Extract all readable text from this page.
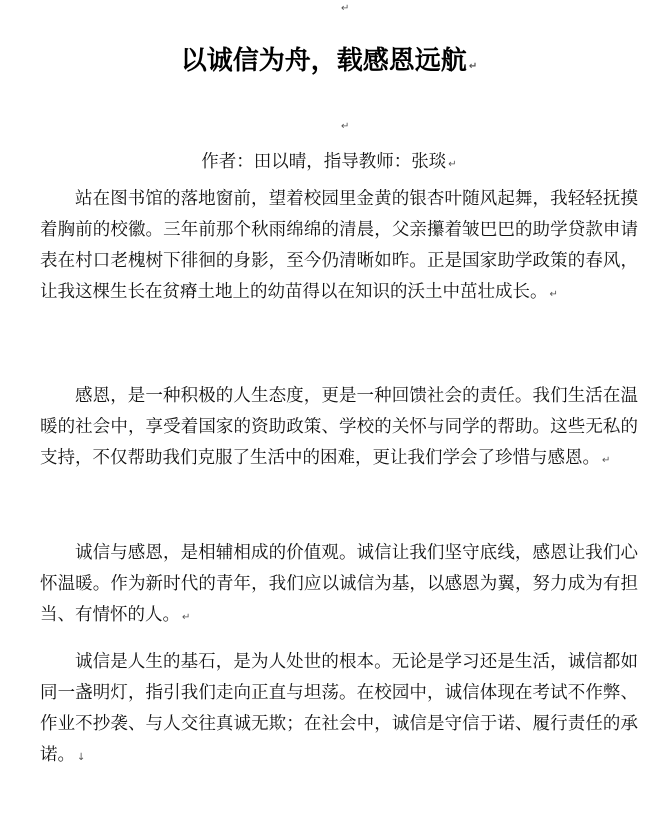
↵
以诚信为舟，载感恩远航 ↵
↵
作者：田以晴，指导教师：张琰 ↵

站在图书馆的落地窗前，望着校园里金黄的银杏叶随风起舞，我轻轻抚摸着胸前的校徽。三年前那个秋雨绵绵的清晨，父亲攥着皱巴巴的助学贷款申请表在村口老槐树下徘徊的身影，至今仍清晰如昨。正是国家助学政策的春风，让我这棵生长在贫瘠土地上的幼苗得以在知识的沃土中茁壮成长。 ↵

感恩，是一种积极的人生态度，更是一种回馈社会的责任。我们生活在温暖的社会中，享受着国家的资助政策、学校的关怀与同学的帮助。这些无私的支持，不仅帮助我们克服了生活中的困难，更让我们学会了珍惜与感恩。 ↵

诚信与感恩，是相辅相成的价值观。诚信让我们坚守底线，感恩让我们心怀温暖。作为新时代的青年，我们应以诚信为基，以感恩为翼，努力成为有担当、有情怀的人。 ↵

诚信是人生的基石，是为人处世的根本。无论是学习还是生活，诚信都如同一盏明灯，指引我们走向正直与坦荡。在校园中，诚信体现在考试不作弊、作业不抄袭、与人交往真诚无欺；在社会中，诚信是守信于诺、履行责任的承诺。 ↓
